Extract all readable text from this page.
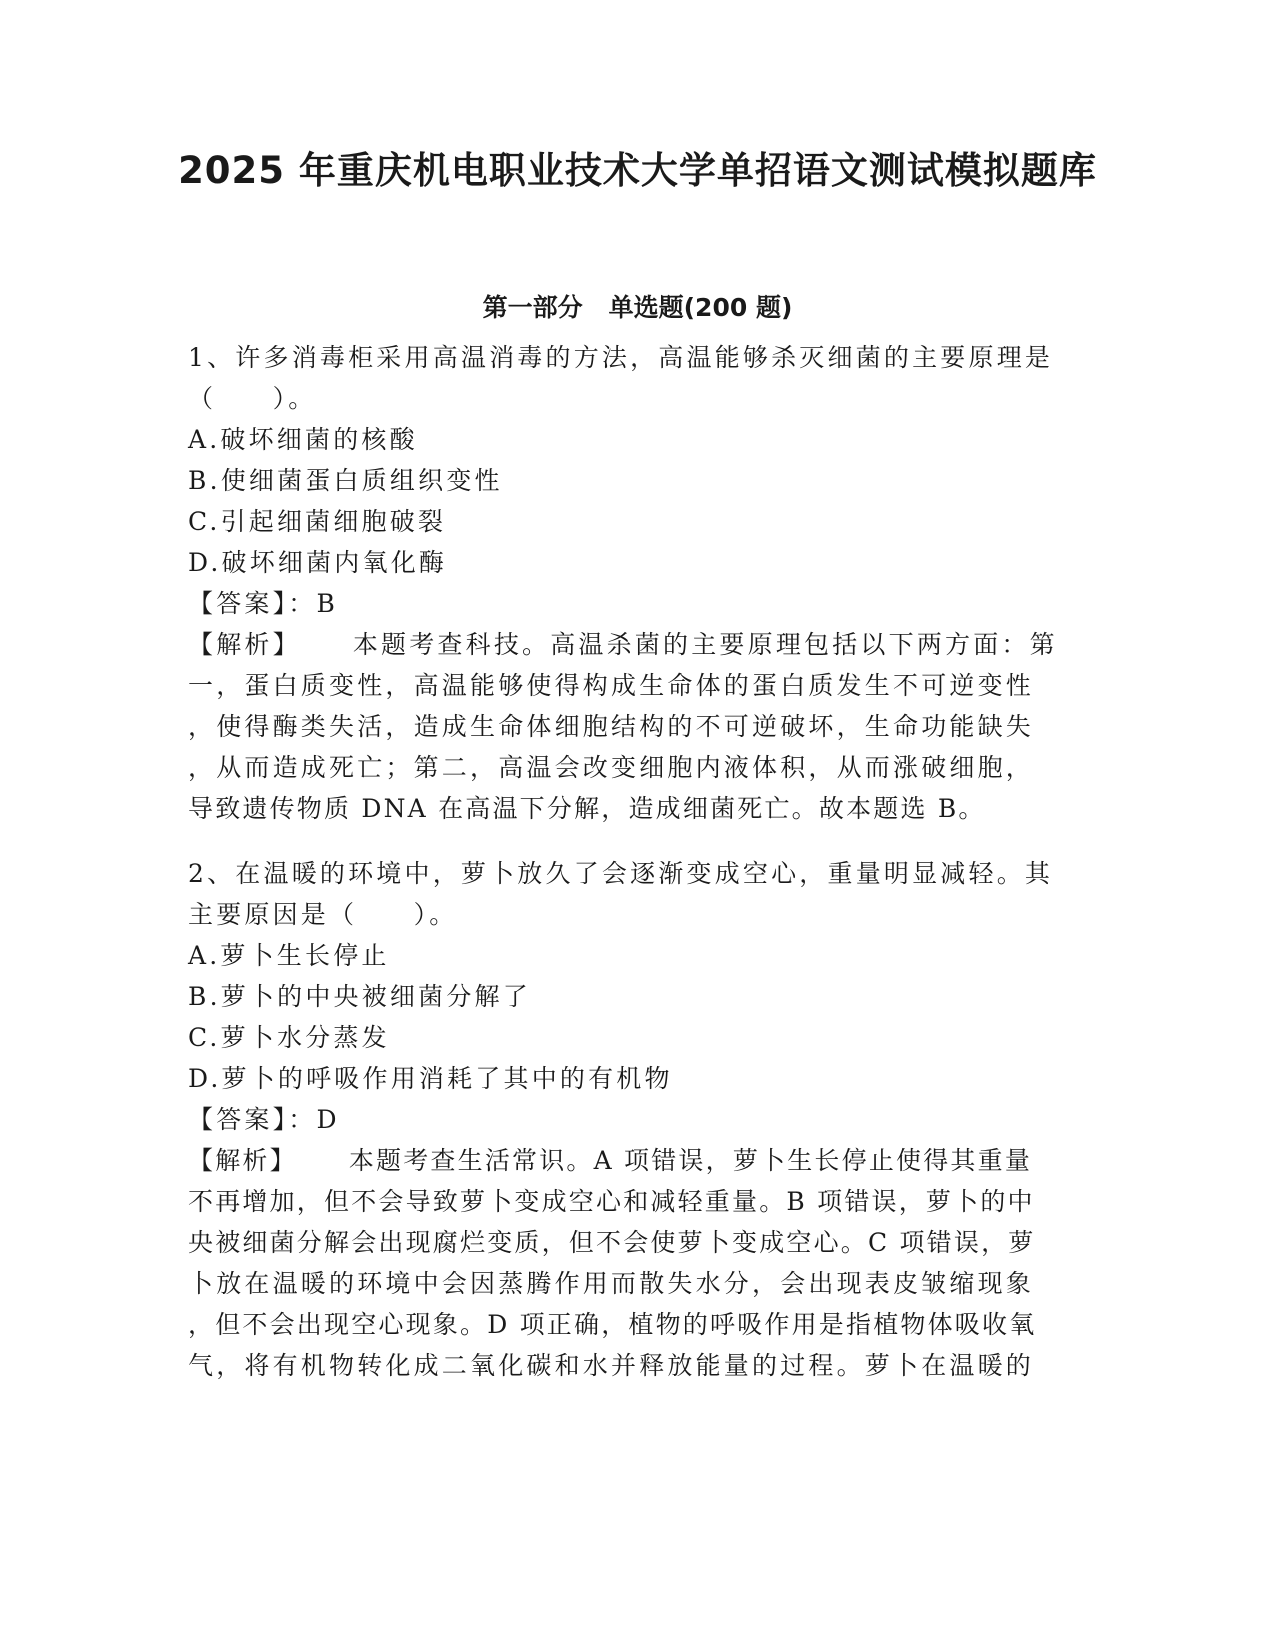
2025 年重庆机电职业技术大学单招语文测试模拟题库
第一部分 单选题(200 题)

1、许多消毒柜采用高温消毒的方法，高温能够杀灭细菌的主要原理是

（　　）。

A.破坏细菌的核酸

B.使细菌蛋白质组织变性

C.引起细菌细胞破裂

D.破坏细菌内氧化酶

【答案】：B

【解析】 本题考查科技。高温杀菌的主要原理包括以下两方面：第

一，蛋白质变性，高温能够使得构成生命体的蛋白质发生不可逆变性

，使得酶类失活，造成生命体细胞结构的不可逆破坏，生命功能缺失

，从而造成死亡；第二，高温会改变细胞内液体积，从而涨破细胞，

导致遗传物质 DNA 在高温下分解，造成细菌死亡。故本题选 B。

2、在温暖的环境中，萝卜放久了会逐渐变成空心，重量明显减轻。其

主要原因是（　　）。

A.萝卜生长停止

B.萝卜的中央被细菌分解了

C.萝卜水分蒸发

D.萝卜的呼吸作用消耗了其中的有机物

【答案】：D

【解析】 本题考查生活常识。A 项错误，萝卜生长停止使得其重量

不再增加，但不会导致萝卜变成空心和减轻重量。B 项错误，萝卜的中

央被细菌分解会出现腐烂变质，但不会使萝卜变成空心。C 项错误，萝

卜放在温暖的环境中会因蒸腾作用而散失水分，会出现表皮皱缩现象

，但不会出现空心现象。D 项正确，植物的呼吸作用是指植物体吸收氧

气，将有机物转化成二氧化碳和水并释放能量的过程。萝卜在温暖的
